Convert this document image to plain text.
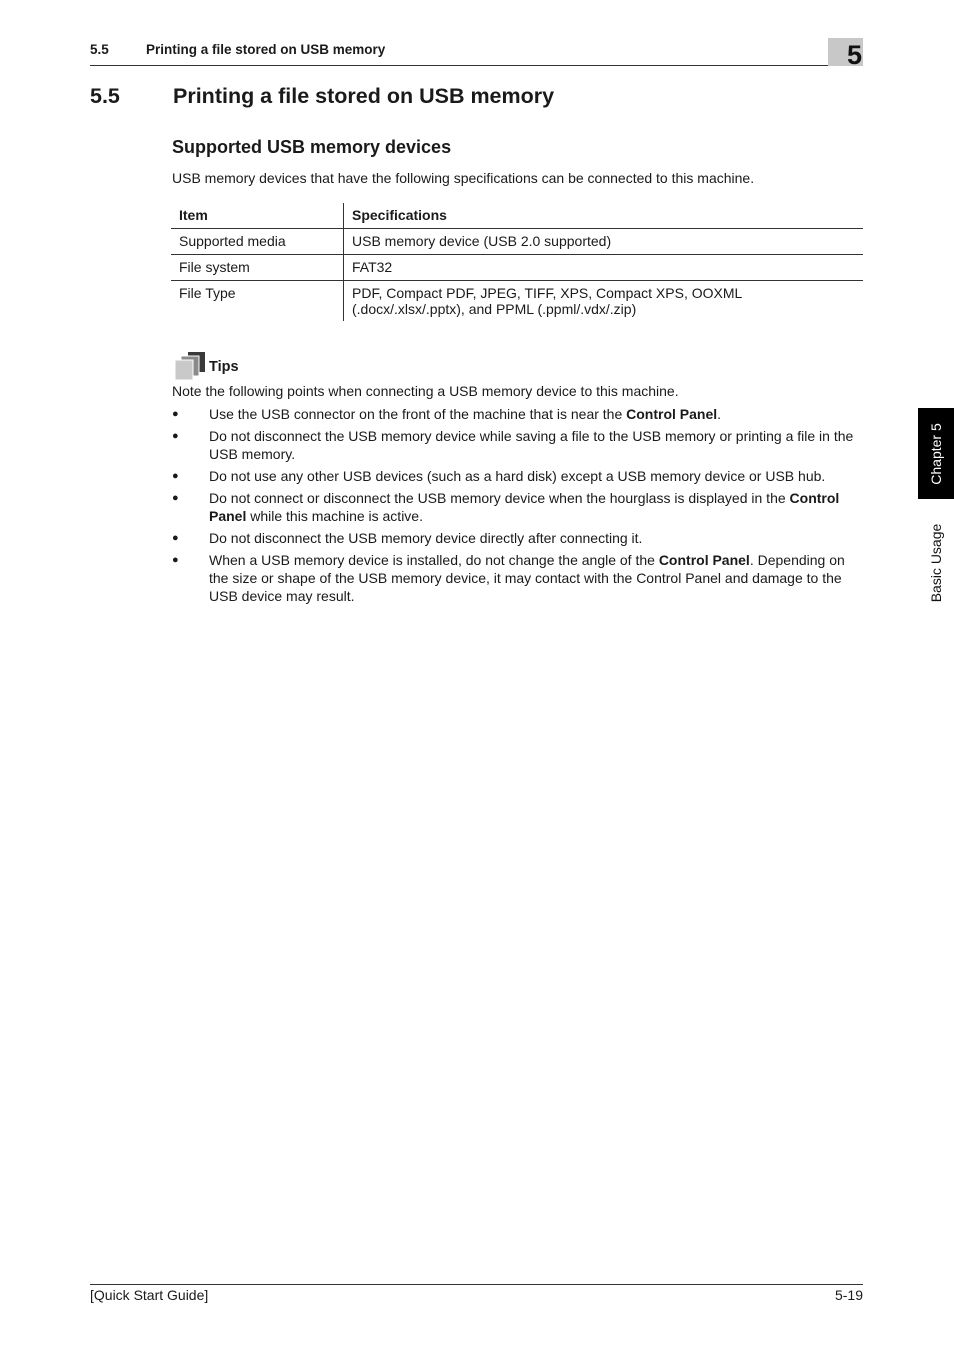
5.5	Printing a file stored on USB memory	5
5.5 Printing a file stored on USB memory
Supported USB memory devices
USB memory devices that have the following specifications can be connected to this machine.
Item	Specifications
Supported media	USB memory device (USB 2.0 supported)
File system	FAT32
File Type	PDF, Compact PDF, JPEG, TIFF, XPS, Compact XPS, OOXML (.docx/.xlsx/.pptx), and PPML (.ppml/.vdx/.zip)
Tips
Note the following points when connecting a USB memory device to this machine.
● Use the USB connector on the front of the machine that is near the Control Panel.
● Do not disconnect the USB memory device while saving a file to the USB memory or printing a file in the USB memory.
● Do not use any other USB devices (such as a hard disk) except a USB memory device or USB hub.
● Do not connect or disconnect the USB memory device when the hourglass is displayed in the Control Panel while this machine is active.
● Do not disconnect the USB memory device directly after connecting it.
● When a USB memory device is installed, do not change the angle of the Control Panel. Depending on the size or shape of the USB memory device, it may contact with the Control Panel and damage to the USB device may result.
Chapter 5
Basic Usage
[Quick Start Guide]	5-19
